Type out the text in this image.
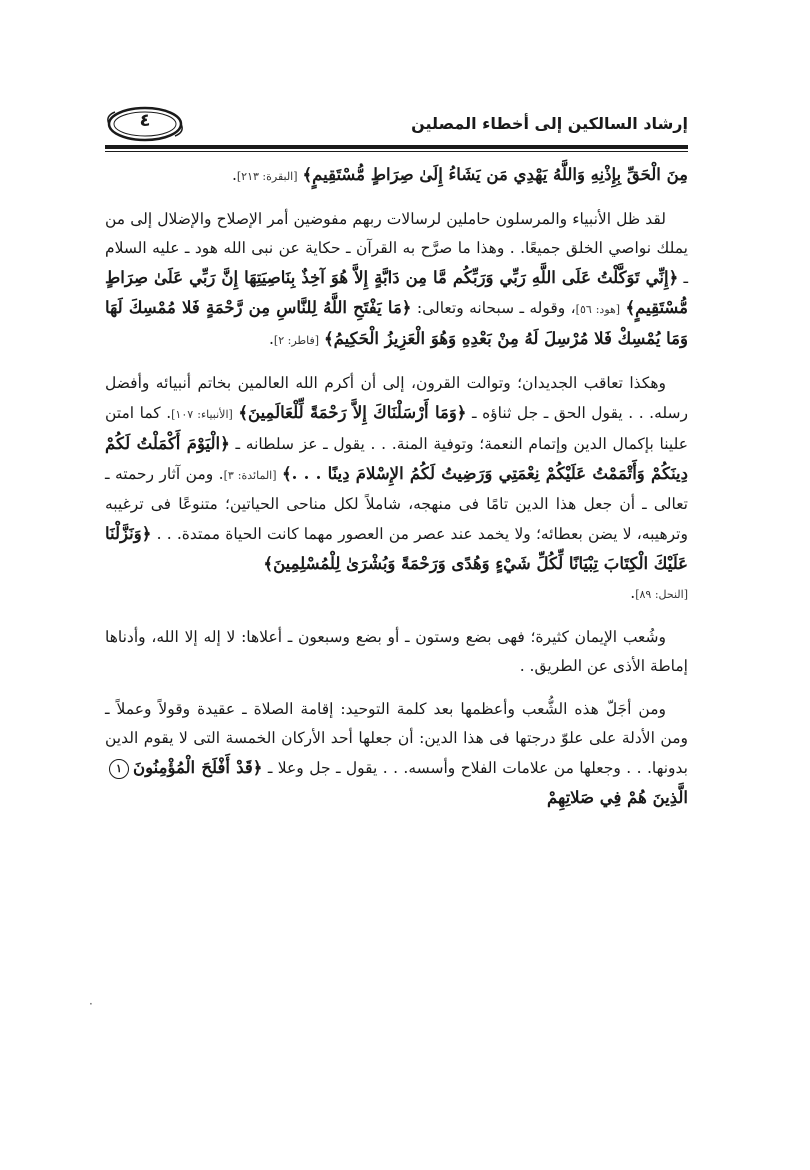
إرشاد السالكين إلى أخطاء المصلين
٤

مِنَ الْحَقِّ بِإِذْنِهِ وَاللَّهُ يَهْدِي مَن يَشَاءُ إِلَىٰ صِرَاطٍ مُّسْتَقِيمٍ﴾ [البقرة: ٢١٣].

لقد ظل الأنبياء والمرسلون حاملين لرسالات ربهم مفوضين أمر الإصلاح والإضلال إلى من يملك نواصي الخلق جميعًا. . وهذا ما صرَّح به القرآن ـ حكاية عن نبى الله هود ـ عليه السلام ـ ﴿إِنِّي تَوَكَّلْتُ عَلَى اللَّهِ رَبِّي وَرَبِّكُم مَّا مِن دَابَّةٍ إِلاَّ هُوَ آخِذٌ بِنَاصِيَتِهَا إِنَّ رَبِّي عَلَىٰ صِرَاطٍ مُّسْتَقِيمٍ﴾ [هود: ٥٦]، وقوله ـ سبحانه وتعالى: ﴿مَا يَفْتَحِ اللَّهُ لِلنَّاسِ مِن رَّحْمَةٍ فَلا مُمْسِكَ لَهَا وَمَا يُمْسِكْ فَلا مُرْسِلَ لَهُ مِنْ بَعْدِهِ وَهُوَ الْعَزِيزُ الْحَكِيمُ﴾ [فاطر: ٢].

وهكذا تعاقب الجديدان؛ وتوالت القرون، إلى أن أكرم الله العالمين بخاتم أنبيائه وأفضل رسله. . . يقول الحق ـ جل ثناؤه ـ ﴿وَمَا أَرْسَلْنَاكَ إِلاَّ رَحْمَةً لِّلْعَالَمِينَ﴾ [الأنبياء: ١٠٧]. كما امتن علينا بإكمال الدين وإتمام النعمة؛ وتوفية المنة. . . يقول ـ عز سلطانه ـ ﴿الْيَوْمَ أَكْمَلْتُ لَكُمْ دِينَكُمْ وَأَتْمَمْتُ عَلَيْكُمْ نِعْمَتِي وَرَضِيتُ لَكُمُ الإِسْلامَ دِينًا . . .﴾ [المائدة: ٣]. ومن آثار رحمته ـ تعالى ـ أن جعل هذا الدين تامًا فى منهجه، شاملاً لكل مناحى الحياتين؛ متنوعًا فى ترغيبه وترهيبه، لا يضن بعطائه؛ ولا يخمد عند عصر من العصور مهما كانت الحياة ممتدة. . . ﴿وَنَزَّلْنَا عَلَيْكَ الْكِتَابَ تِبْيَانًا لِّكُلِّ شَيْءٍ وَهُدًى وَرَحْمَةً وَبُشْرَىٰ لِلْمُسْلِمِينَ﴾
[النحل: ٨٩].

وشُعب الإيمان كثيرة؛ فهى بضع وستون ـ أو بضع وسبعون ـ أعلاها: لا إله إلا الله، وأدناها إماطة الأذى عن الطريق. .

ومن أجَلّ هذه الشُّعب وأعظمها بعد كلمة التوحيد: إقامة الصلاة ـ عقيدة وقولاً وعملاً ـ ومن الأدلة على علوّ درجتها فى هذا الدين: أن جعلها أحد الأركان الخمسة التى لا يقوم الدين بدونها. . . وجعلها من علامات الفلاح وأسسه. . . يقول ـ جل وعلا ـ ﴿قَدْ أَفْلَحَ الْمُؤْمِنُونَ١الَّذِينَ هُمْ فِي صَلاتِهِمْ

·
